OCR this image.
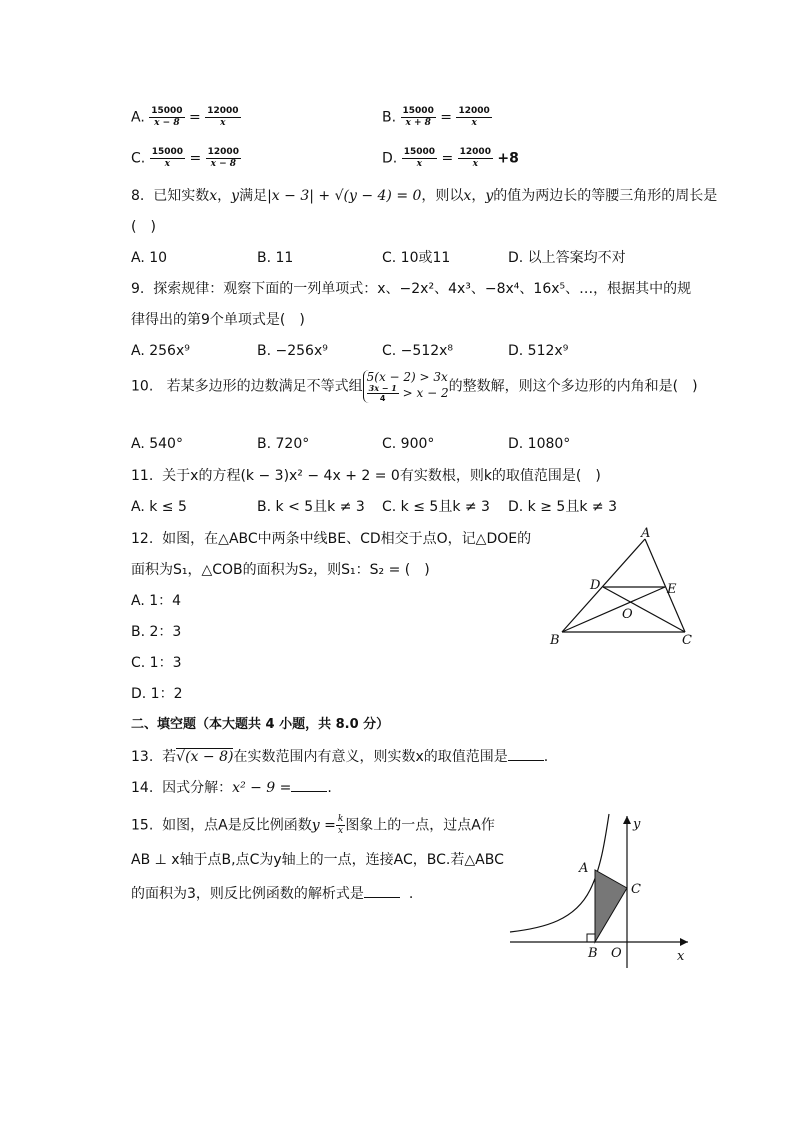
A. $\frac{15000}{x - 8} = \frac{12000}{x}$	B. $\frac{15000}{x + 8} = \frac{12000}{x}$
C. $\frac{15000}{x} = \frac{12000}{x - 8}$	D. $\frac{15000}{x} = \frac{12000}{x} +8$
8. 已知实数x，y满足|x − 3| + √(y − 4) = 0，则以x，y的值为两边长的等腰三角形的周长是
(　)
A. 10	B. 11	C. 10或11	D. 以上答案均不对
9. 探索规律：观察下面的一列单项式：x、−2x²、4x³、−8x⁴、16x⁵、…，根据其中的规
律得出的第9个单项式是(　)
A. 256x⁹	B. −256x⁹	C. −512x⁸	D. 512x⁹
10. 若某多边形的边数满足不等式组
5(x − 2) > 3x
$\frac{3x - 1}{4} > x - 2$ 的整数解，则这个多边形的内角和是(　)
A. 540°	B. 720°	C. 900°	D. 1080°
11. 关于x的方程(k − 3)x² − 4x + 2 = 0有实数根，则k的取值范围是(　)
A. k ≤ 5	B. k < 5且k ≠ 3 C. k ≤ 5且k ≠ 3 D. k ≥ 5且k ≠ 3
12. 如图，在△ABC中两条中线BE、CD相交于点O，记△DOE的
面积为S₁，△COB的面积为S₂，则S₁：S₂ = (　)
A. 1：4
B. 2：3
C. 1：3
D. 1：2
A
B	C
D	E
O
二、填空题（本大题共 4 小题，共 8.0 分）
13. 若√(x − 8)在实数范围内有意义，则实数x的取值范围是	.
14. 因式分解：x² − 9 =	.
15. 如图，点A是反比例函数$y = \frac{k}{x}$ 图象上的一点，过点A作
AB ⊥ x轴于点B,点C为y轴上的一点，连接AC，BC.若△ABC
的面积为3，则反比例函数的解析式是	.
A
B
C
O	x
y
